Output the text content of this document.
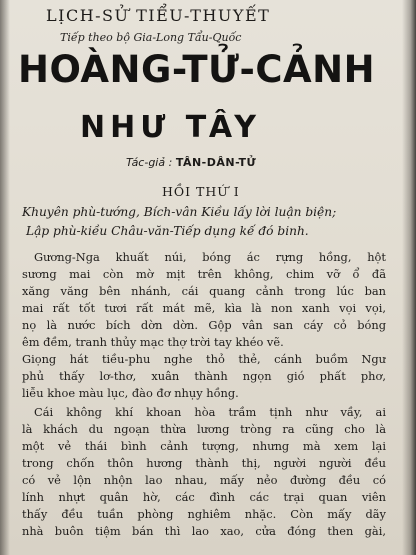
LỊCH-SỬ TIỂU-THUYẾT
Tiếp theo bộ Gia-Long Tẩu-Quốc
HOÀNG-TỬ-CẢNH
NHƯ TÂY
Tác-giả : TÂN-DÂN-TỬ
HỒI THỨ I
Khuyên phù-tướng, Bích-vân Kiều lấy lời luận biện;
Lập phù-kiều Châu-văn-Tiếp dụng kế đó binh.
Gương-Nga khuất núi, bóng ác rựng hồng, hột
sương mai còn mờ mịt trên không, chim vỡ ổ đã
xăng văng bên nhánh, cái quang cảnh trong lúc ban
mai rất tốt tươi rất mát mẽ, kìa là non xanh vọi vọi,
nọ là nước bích dờn dờn. Gộp vân san cáy cỏ bóng
êm đềm, tranh thủy mạc thợ trời tay khéo vẽ.
Giọng hát tiều-phu nghe thỏ thẻ, cánh buồm Ngư
phủ thấy lơ-thơ, xuân thành ngọn gió phất phơ,
liễu khoe màu lục, đào đơ nhụy hồng.
Cái không khí khoan hòa trầm tịnh như vầy, ai
là khách du ngoạn thừa lương tròng ra cũng cho là
một vẻ thái bình cảnh tượng, nhưng mà xem lại
trong chốn thôn hương thành thị, người người đều
có vẻ lộn nhộn lao nhau, mấy nẻo đường đều có
lính nhựt quân hờ, các đình các trại quan viên
thấy đều tuần phòng nghiêm nhặc. Còn mấy dãy
nhà buôn tiệm bán thì lao xao, cửa đóng then gài,
